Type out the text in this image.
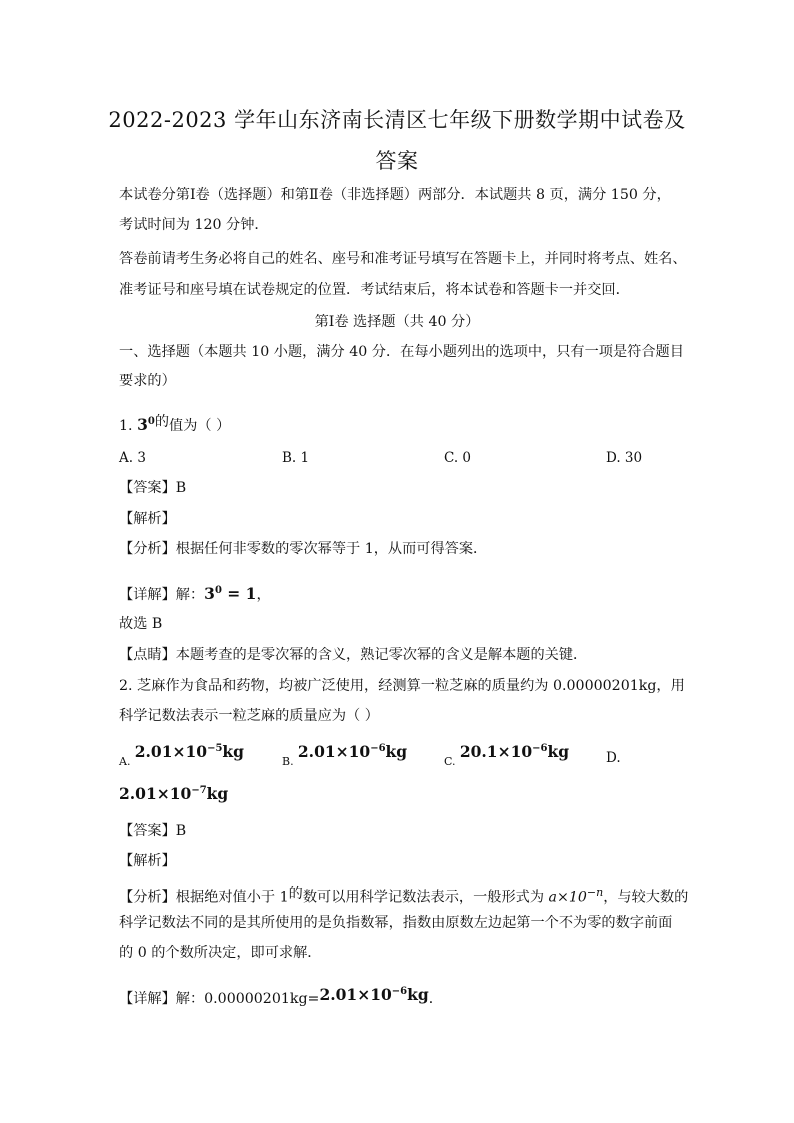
2022-2023 学年山东济南长清区七年级下册数学期中试卷及
答案
本试卷分第Ⅰ卷（选择题）和第Ⅱ卷（非选择题）两部分．本试题共 8 页，满分 150 分，
考试时间为 120 分钟．
答卷前请考生务必将自己的姓名、座号和准考证号填写在答题卡上，并同时将考点、姓名、
准考证号和座号填在试卷规定的位置．考试结束后，将本试卷和答题卡一并交回．
第Ⅰ卷 选择题（共 40 分）
一、选择题（本题共 10 小题，满分 40 分．在每小题列出的选项中，只有一项是符合题目
要求的）
1. $3^0$的值为（ ）
A. 3	B. 1	C. 0	D. 30
【答案】B
【解析】
【分析】根据任何非零数的零次幂等于 1，从而可得答案．
【详解】解：$3^0 = 1$，
故选 B
【点睛】本题考查的是零次幂的含义，熟记零次幂的含义是解本题的关键．
2. 芝麻作为食品和药物，均被广泛使用，经测算一粒芝麻的质量约为 0.00000201kg，用
科学记数法表示一粒芝麻的质量应为（ ）
$_{A.}$ $2.01\times 10^{-5}kg$
$_{B.}$ $2.01\times 10^{-6}kg$
$_{C.}$ $20.1\times 10^{-6}kg$	D.
$2.01\times 10^{-7}kg$
【答案】B
【解析】
【分析】根据绝对值小于 1的数可以用科学记数法表示，一般形式为 $a\times 10^{-n}$，与较大数的
科学记数法不同的是其所使用的是负指数幂，指数由原数左边起第一个不为零的数字前面
的 0 的个数所决定，即可求解．
【详解】解：$0.00000201kg=2.01\times 10^{-6}kg$．
